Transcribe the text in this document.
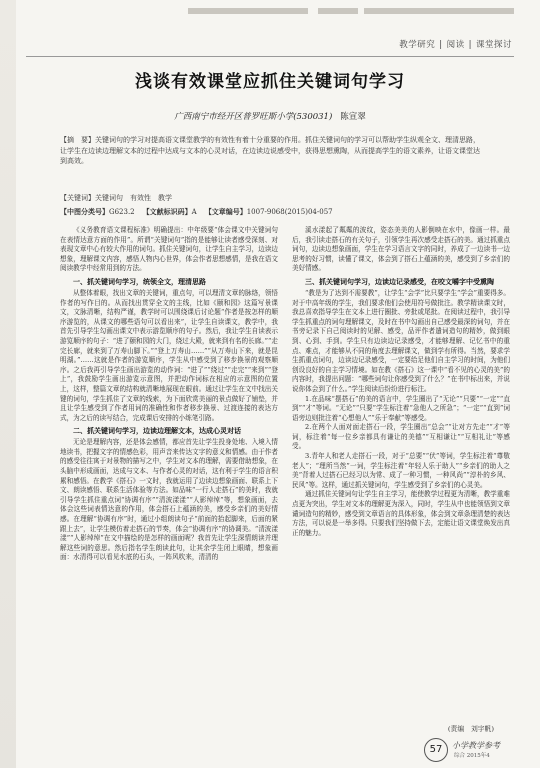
教学研究 | 阅读 | 课堂探讨
浅谈有效课堂应抓住关键词句学习
广西南宁市经开区普罗旺斯小学(530031) 陈宣翠
【摘　要】关键词句的学习对提高语文课堂教学的有效性有着十分重要的作用。抓住关键词句的学习可以帮助学生纵观全文、理清思路，让学生在边读边理解文本的过程中达成与文本的心灵对话，在边读边说感受中，获得思想熏陶，从而提高学生的语文素养，让语文课堂达到高效。
【关键词】关键词句　有效性　教学
【中图分类号】G623.2 【文献标识码】A 【文章编号】1007-9068(2015)04-057

《义务教育语文课程标准》明确提出：中年级要“体会课文中关键词句在表情达意方面的作用”。所谓“关键词句”指的是能够让读者感受深刻、对表现文章中心有较大作用的词句。抓住关键词句，让学生自主学习，边读边想象，理解课文内容，感悟人物内心世界，体会作者思想感情，是我在语文阅读教学中经常用到的方法。

一、抓关键词句学习，统领全文，理清思路

从整体着眼，找出文章的关键词，重点句，可以理清文章的脉络，领悟作者的写作目的。从而找出贯穿全文的主线，比如《颐和园》这篇写景课文，文脉清晰，结构严谨，教学时可以围绕课后讨论题“作者是按怎样的顺序游览的，从课文的哪些语句可以看出来”，让学生自读课文，教学中，我首先引导学生勾画出课文中表示游览顺序的句子。然后，我让学生自读表示游览顺序的句子：“进了颐和园的大门，绕过大殿，就来到有名的长廊。”“走完长廊，就来到了万寿山脚下。”“登上万寿山……”“从万寿山下来，就是昆明湖。”……这就是作者的游览顺序，学生从中感受到了移步换景的观察顺序。之后我再引导学生画出游览的动作词：“进了”“绕过”“走完”“来到”“登上”，我鼓励学生画出游览示意图，并把动作词标在相应的示意图的位置上，这样，整篇文章的结构就清晰地展现在眼前。通过让学生在文中找出关键的词句，学生抓住了文章的线索，为下面欣赏美丽的景点做好了铺垫，并且让学生感受到了作者用词的准确性和作者移步换景、过渡连接的表达方式，为之后的读写结合，完成课后安排的小练笔引路。

二、抓关键词句学习，边读边理解文本，达成心灵对话

无论是理解内容，还是体会感情，都应首先让学生投身处地、入境入情地读书，把握文字的情感色彩，用声音来传达文字的意义和情感。由于作者的感受往往寓于对景物的描写之中，学生对文本的理解，需要借助想象，在头脑中形成画面，达成与文本、与作者心灵的对话，这有利于学生的语言积累和感悟。在教学《搭石》一文时，我就运用了边读边想象画面、联系上下文、朗读感悟、联系生活体验等方法。如品味“一行人走搭石”的美时，我就引导学生抓住重点词“协调有序”“清波漾漾”“人影绰绰”等，想象画面，去体会这些词表情达意的作用，体会搭石上蕴涵的美，感受乡亲们的美好情感。在理解“协调有序”时，通过小组朗读句子“前面的抬起脚来，后面的紧跟上去”，让学生模仿着走搭石的节奏，体会“协调有序”的协调美。“清波漾漾”“人影绰绰”在文中描绘的是怎样的画面呢？我首先让学生深情朗读并理解这些词的意思。然后指名学生朗读此句，让其余学生闭上眼睛，想象画面：水清得可以看见水底的石头，一阵风吹来，清清的

溪水漾起了粼粼的波纹，姿态美美的人影倒映在水中，像画一样。最后，我引读走搭石的有关句子，引领学生再次感受走搭石的美。通过抓重点词句，边读边想象画面，学生在学习语言文字的同时，养成了一边读书一边思考的好习惯，读懂了课文，体会到了搭石上蕴涵的美，感受到了乡亲们的美好情感。

三、抓关键词句学习，边读边记录感受，在咬文嚼字中受熏陶

“教是为了达到不需要教”，让学生“会学”比只要学生“学会”重要得多。对于中高年级的学生，我们要求他们会使用符号做批注。教学精读课文时，我总喜欢指导学生在文本上进行圈批、旁批或尾批。在阅读过程中，我引导学生抓重点的词句理解课文，及时在书中勾画出自己感受最深的词句，并在书旁记录下自己阅读时的见解、感受，品评作者遣词造句的精妙，做到眼到、心到、手到。学生只有边读边记录感受，才能够理解、记忆书中的重点、难点，才能够从不同的角度去理解课文，做到学有所得。当然，要求学生抓重点词句，边读边记录感受，一定要给足他们自主学习的时间，为他们创设良好的自主学习情境。如在教《搭石》这一课中“看不见的心灵的美”的内容时，我提出问题：“哪些词句让你感受到了什么？”在书中标出来，并说说你体会到了什么。”学生阅读后纷纷进行标注。

1.在品味“摆搭石”的美的语言中，学生圈出了“无论”“只要”“一定”“直到”“才”等词。“无论”“只要”学生标注着“急他人之所急”；“一定”“直到”词语旁边则批注着“心想他人”“乐于奉献”等感受。

2.在两个人面对面走搭石一段，学生圈出“总会”“让对方先走”“才”等词，标注着“每一位乡亲都具有谦让的美德”“互相谦让”“互相礼让”等感受。

3.青年人和老人走搭石一段，对于“总要”“伏”等词，学生标注着“尊敬老人”；“理所当然”一词，学生标注着“年轻人乐于助人”“乡亲们的助人之美”背着人过搭石已经习以为常、成了一种习惯，一种风尚”“淳朴的乡风、民风”等。这样，通过抓关键词句，学生感受到了乡亲们的心灵美。

通过抓住关键词句让学生自主学习，能使教学过程更为清晰，教学重难点更为突出，学生对文本的理解更为深入，同时，学生从中也能领悟到文章谴词造句的精妙，感受到文章语言的具体形象，体会到文章条理清楚的表达方法，可以说是一举多得。只要我们坚持做下去，定能让语文课堂焕发出真正的魅力。

(责编　刘宇帆)
57	小学教学参考
综合 2015年4
